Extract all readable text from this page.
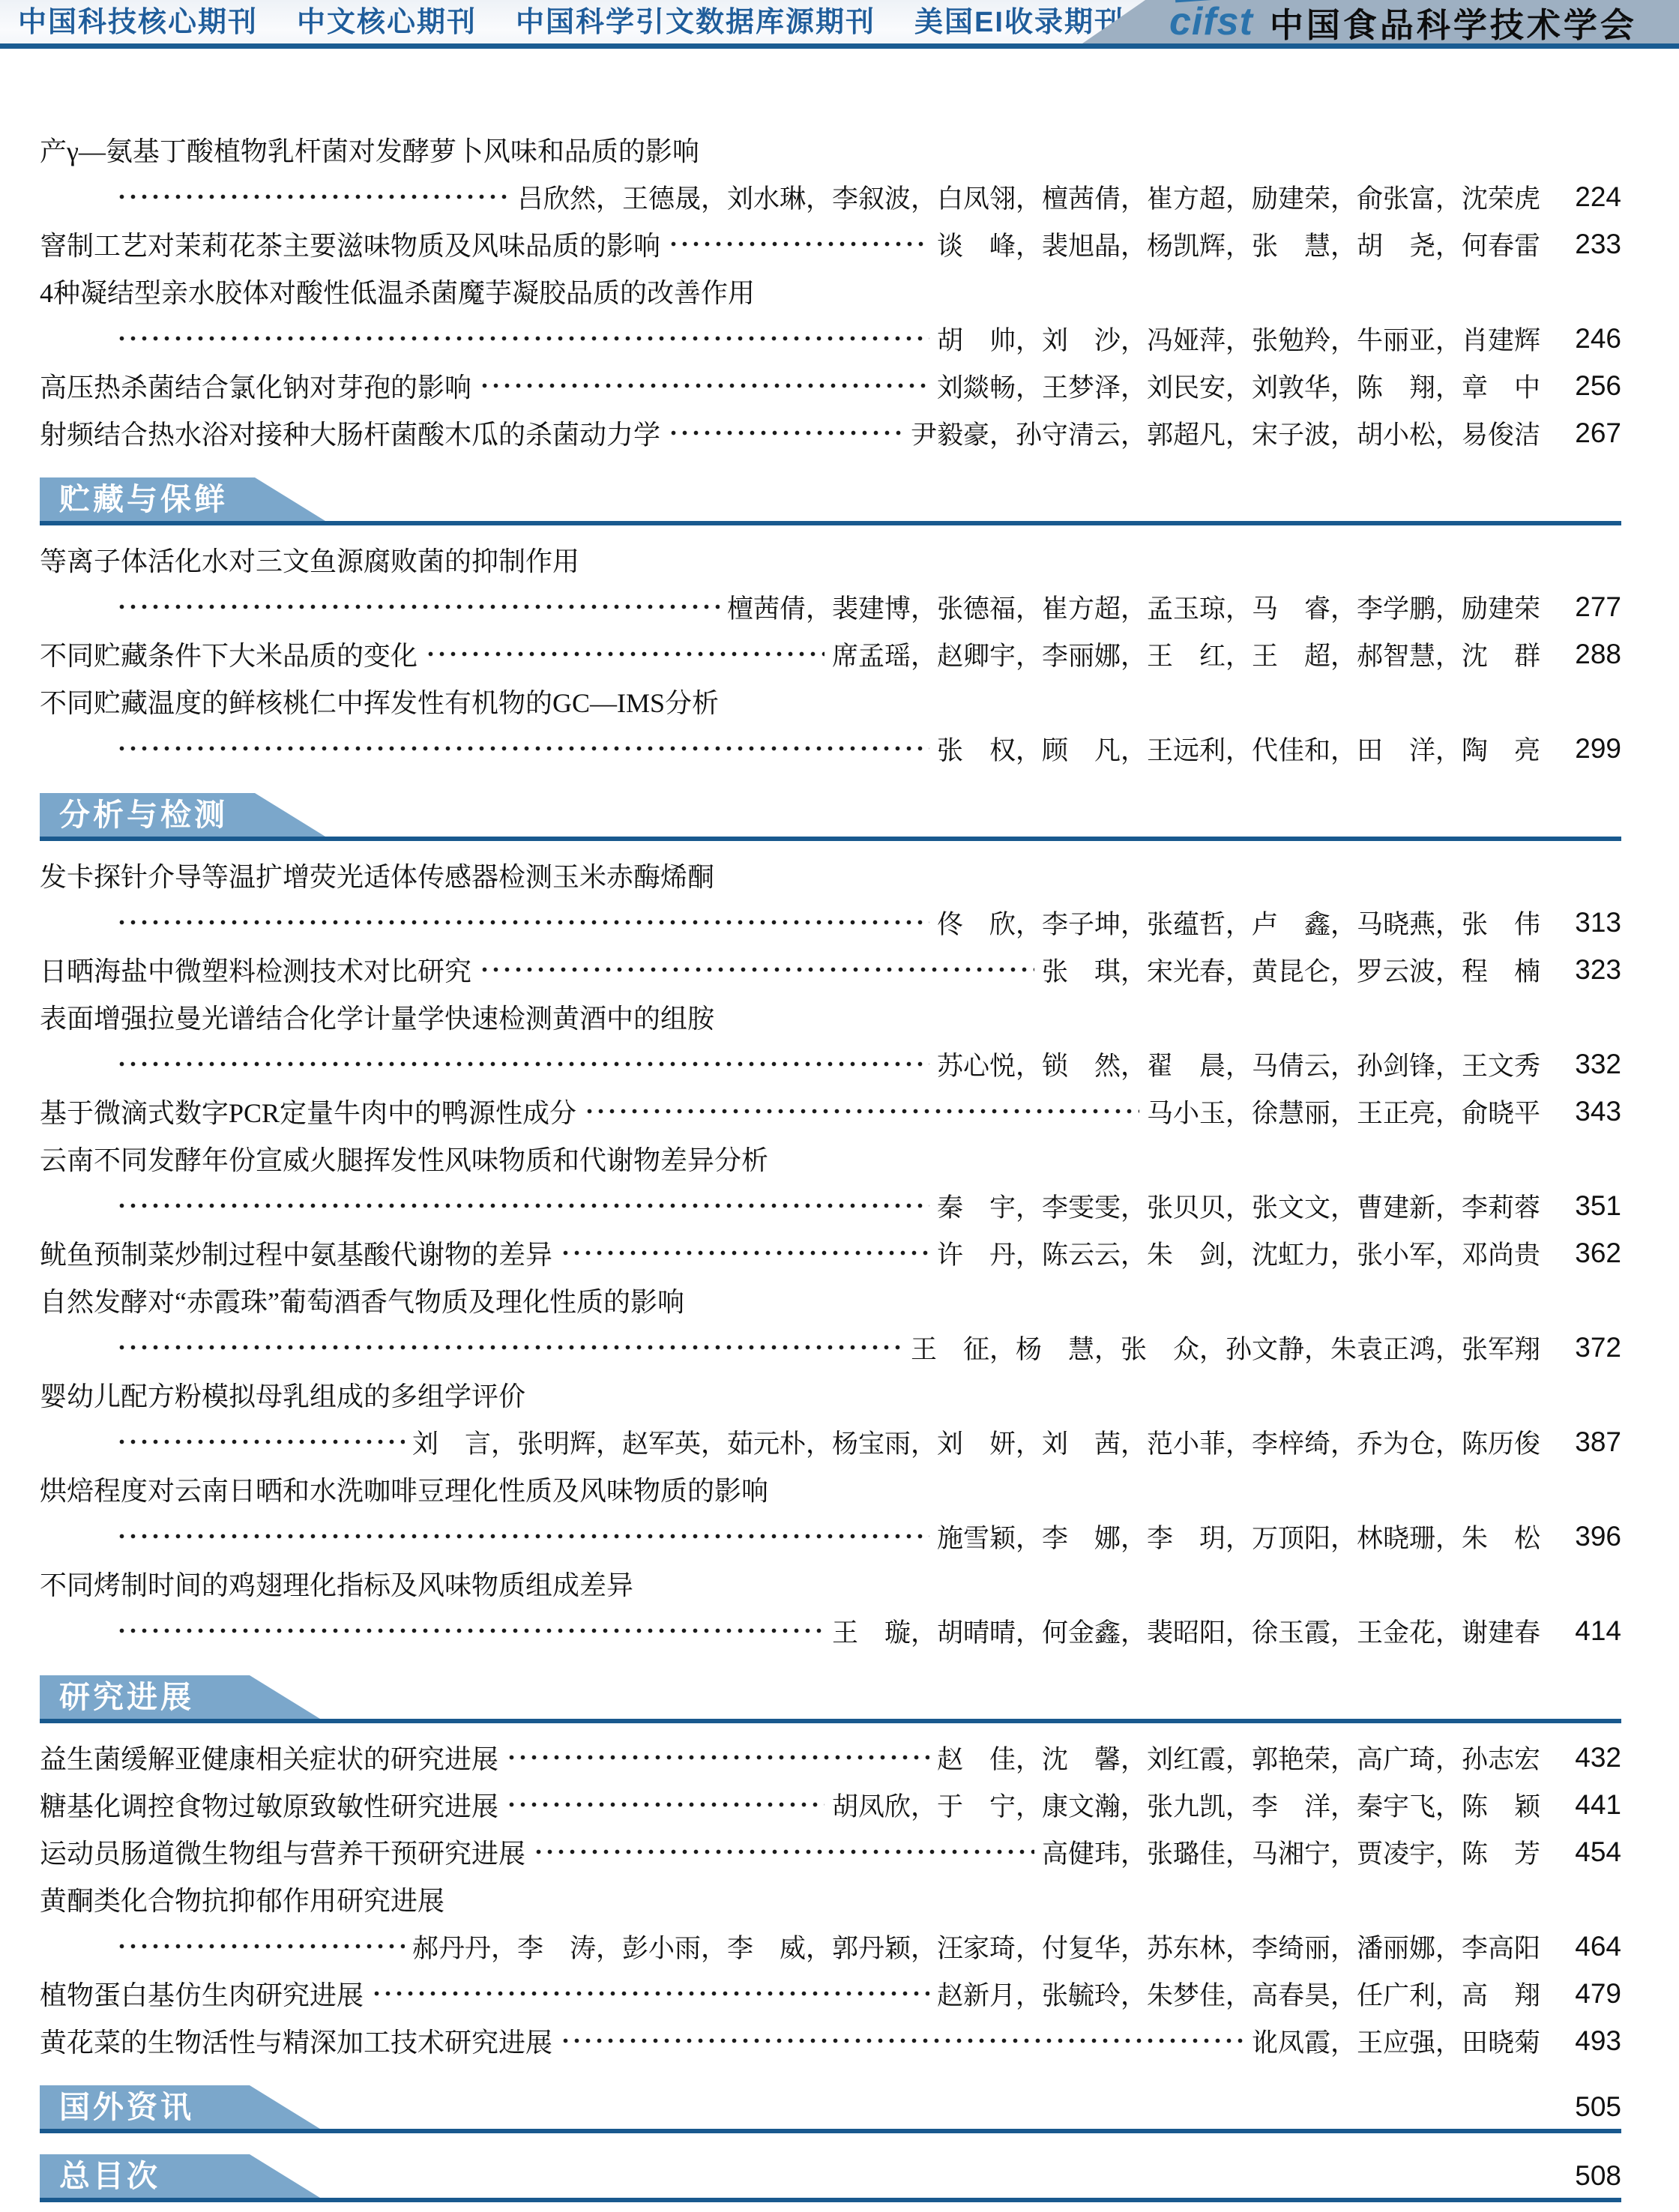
中国科技核心期刊 中文核心期刊 中国科学引文数据库源期刊 美国EI收录期刊	cifst 中国食品科学技术学会
产γ—氨基丁酸植物乳杆菌对发酵萝卜风味和品质的影响
吕欣然，王德晟，刘水琳，李叙波，白凤翎，檀茜倩，崔方超，励建荣，俞张富，沈荣虎	224
窨制工艺对茉莉花茶主要滋味物质及风味品质的影响	谈　峰，裴旭晶，杨凯辉，张　慧，胡　尧，何春雷	233
4种凝结型亲水胶体对酸性低温杀菌魔芋凝胶品质的改善作用
胡　帅，刘　沙，冯娅萍，张勉羚，牛丽亚，肖建辉	246
高压热杀菌结合氯化钠对芽孢的影响	刘燚畅，王梦泽，刘民安，刘敦华，陈　翔，章　中	256
射频结合热水浴对接种大肠杆菌酸木瓜的杀菌动力学	尹毅豪，孙守清云，郭超凡，宋子波，胡小松，易俊洁	267
贮藏与保鲜
等离子体活化水对三文鱼源腐败菌的抑制作用
檀茜倩，裴建博，张德福，崔方超，孟玉琼，马　睿，李学鹏，励建荣	277
不同贮藏条件下大米品质的变化	席孟瑶，赵卿宇，李丽娜，王　红，王　超，郝智慧，沈　群	288
不同贮藏温度的鲜核桃仁中挥发性有机物的GC—IMS分析
张　权，顾　凡，王远利，代佳和，田　洋，陶　亮	299
分析与检测
发卡探针介导等温扩增荧光适体传感器检测玉米赤酶烯酮
佟　欣，李子坤，张蕴哲，卢　鑫，马晓燕，张　伟	313
日晒海盐中微塑料检测技术对比研究	张　琪，宋光春，黄昆仑，罗云波，程　楠	323
表面增强拉曼光谱结合化学计量学快速检测黄酒中的组胺
苏心悦，锁　然，翟　晨，马倩云，孙剑锋，王文秀	332
基于微滴式数字PCR定量牛肉中的鸭源性成分	马小玉，徐慧丽，王正亮，俞晓平	343
云南不同发酵年份宣威火腿挥发性风味物质和代谢物差异分析
秦　宇，李雯雯，张贝贝，张文文，曹建新，李莉蓉	351
鱿鱼预制菜炒制过程中氨基酸代谢物的差异	许　丹，陈云云，朱　剑，沈虹力，张小军，邓尚贵	362
自然发酵对“赤霞珠”葡萄酒香气物质及理化性质的影响
王　征，杨　慧，张　众，孙文静，朱袁正鸿，张军翔	372
婴幼儿配方粉模拟母乳组成的多组学评价
刘　言，张明辉，赵军英，茹元朴，杨宝雨，刘　妍，刘　茜，范小菲，李梓绮，乔为仓，陈历俊	387
烘焙程度对云南日晒和水洗咖啡豆理化性质及风味物质的影响
施雪颖，李　娜，李　玥，万顶阳，林晓珊，朱　松	396
不同烤制时间的鸡翅理化指标及风味物质组成差异
王　璇，胡晴晴，何金鑫，裴昭阳，徐玉霞，王金花，谢建春	414
研究进展
益生菌缓解亚健康相关症状的研究进展	赵　佳，沈　馨，刘红霞，郭艳荣，高广琦，孙志宏	432
糖基化调控食物过敏原致敏性研究进展	胡凤欣，于　宁，康文瀚，张九凯，李　洋，秦宇飞，陈　颖	441
运动员肠道微生物组与营养干预研究进展	高健玮，张璐佳，马湘宁，贾凌宇，陈　芳	454
黄酮类化合物抗抑郁作用研究进展
郝丹丹，李　涛，彭小雨，李　威，郭丹颖，汪家琦，付复华，苏东林，李绮丽，潘丽娜，李高阳	464
植物蛋白基仿生肉研究进展	赵新月，张毓玲，朱梦佳，高春昊，任广利，高　翔	479
黄花菜的生物活性与精深加工技术研究进展	讹凤霞，王应强，田晓菊	493
国外资讯	505
总目次	508
